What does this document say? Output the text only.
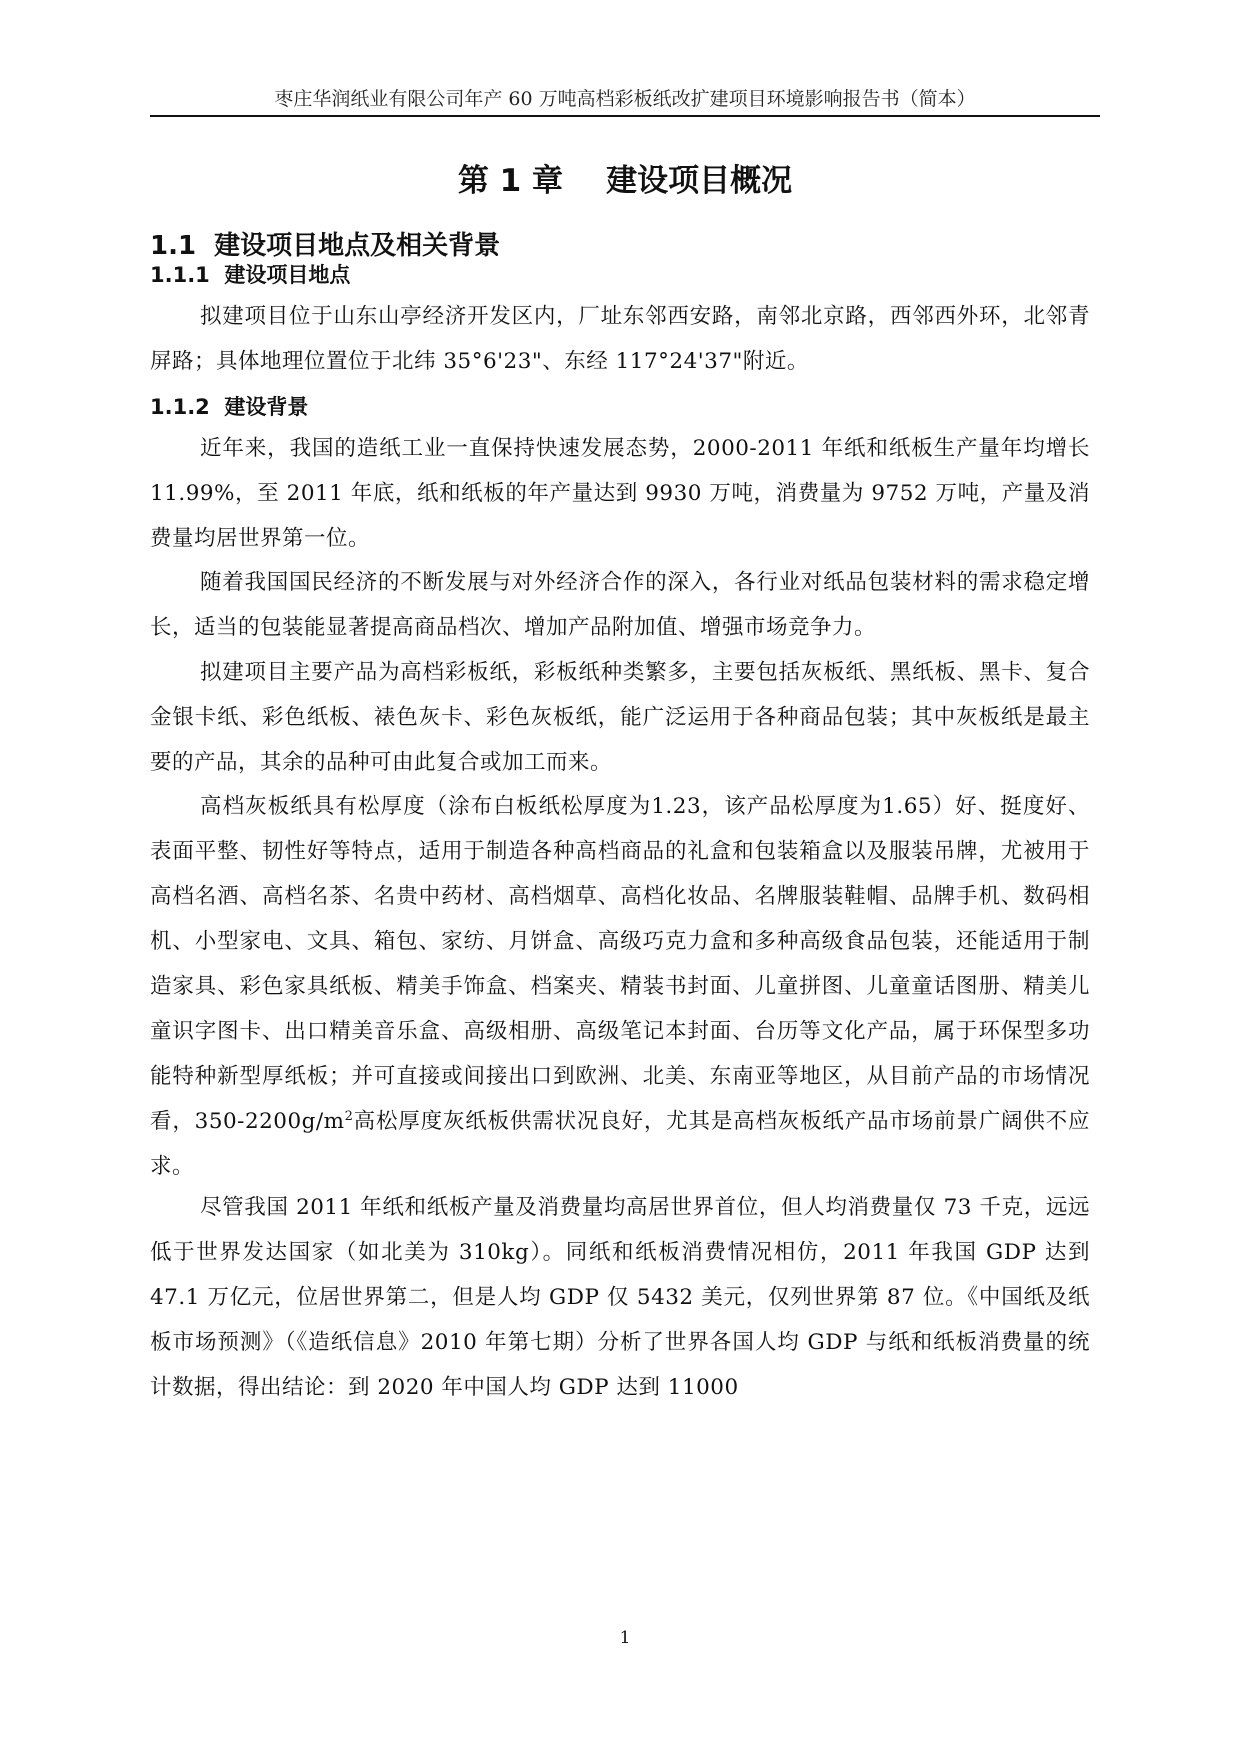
枣庄华润纸业有限公司年产 60 万吨高档彩板纸改扩建项目环境影响报告书（简本）
第 1 章    建设项目概况
1.1  建设项目地点及相关背景
1.1.1  建设项目地点
拟建项目位于山东山亭经济开发区内，厂址东邻西安路，南邻北京路，西邻西外环，北邻青屏路；具体地理位置位于北纬 35°6'23"、东经 117°24'37"附近。
1.1.2  建设背景
近年来，我国的造纸工业一直保持快速发展态势，2000-2011 年纸和纸板生产量年均增长 11.99%，至 2011 年底，纸和纸板的年产量达到 9930 万吨，消费量为 9752 万吨，产量及消费量均居世界第一位。
随着我国国民经济的不断发展与对外经济合作的深入，各行业对纸品包装材料的需求稳定增长，适当的包装能显著提高商品档次、增加产品附加值、增强市场竞争力。
拟建项目主要产品为高档彩板纸，彩板纸种类繁多，主要包括灰板纸、黑纸板、黑卡、复合金银卡纸、彩色纸板、裱色灰卡、彩色灰板纸，能广泛运用于各种商品包装；其中灰板纸是最主要的产品，其余的品种可由此复合或加工而来。
高档灰板纸具有松厚度（涂布白板纸松厚度为1.23，该产品松厚度为1.65）好、挺度好、表面平整、韧性好等特点，适用于制造各种高档商品的礼盒和包装箱盒以及服装吊牌，尤被用于高档名酒、高档名茶、名贵中药材、高档烟草、高档化妆品、名牌服装鞋帽、品牌手机、数码相机、小型家电、文具、箱包、家纺、月饼盒、高级巧克力盒和多种高级食品包装，还能适用于制造家具、彩色家具纸板、精美手饰盒、档案夹、精装书封面、儿童拼图、儿童童话图册、精美儿童识字图卡、出口精美音乐盒、高级相册、高级笔记本封面、台历等文化产品，属于环保型多功能特种新型厚纸板；并可直接或间接出口到欧洲、北美、东南亚等地区，从目前产品的市场情况看，$350-2200g/m^2$高松厚度灰纸板供需状况良好，尤其是高档灰板纸产品市场前景广阔供不应求。
尽管我国 2011 年纸和纸板产量及消费量均高居世界首位，但人均消费量仅 73 千克，远远低于世界发达国家（如北美为 310kg）。同纸和纸板消费情况相仿，2011 年我国 GDP 达到 47.1 万亿元，位居世界第二，但是人均 GDP 仅 5432 美元，仅列世界第 87 位。《中国纸及纸板市场预测》（《造纸信息》2010 年第七期）分析了世界各国人均 GDP 与纸和纸板消费量的统计数据，得出结论：到 2020 年中国人均 GDP 达到 11000
1
